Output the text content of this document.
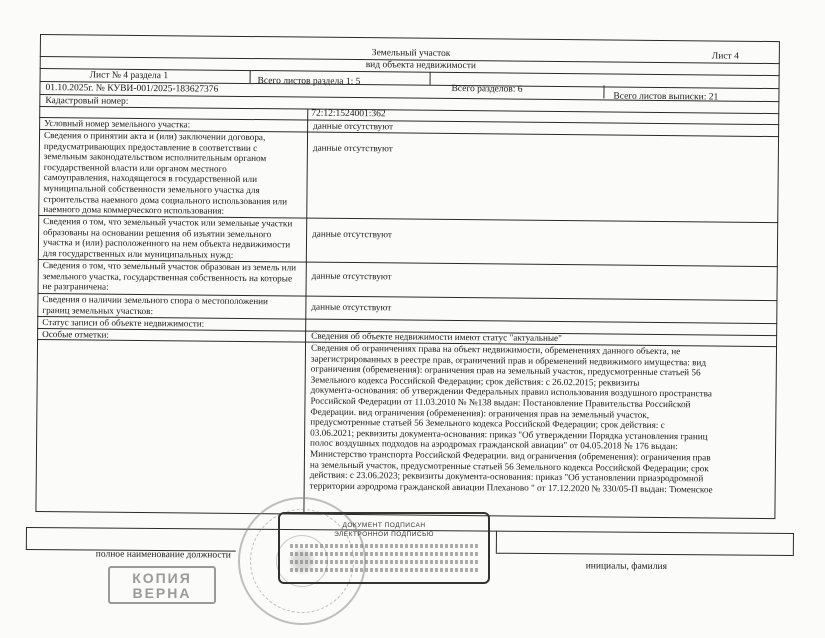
Земельный участок	Лист 4
вид объекта недвижимости
Лист № 4 раздела 1
Всего листов раздела 1: 5
Всего разделов: 6
Всего листов выписки: 21
01.10.2025г. № КУВИ-001/2025-183627376
Кадастровый номер:
72:12:1524001:362
Условный номер земельного участка:	данные отсутствуют
Сведения о принятии акта и (или) заключении договора,
предусматривающих предоставление в соответствии с
земельным законодательством исполнительным органом
государственной власти или органом местного
самоуправления, находящегося в государственной или
муниципальной собственности земельного участка для
строительства наемного дома социального использования или
наемного дома коммерческого использования:
данные отсутствуют
Сведения о том, что земельный участок или земельные участки
образованы на основании решения об изъятии земельного
участка и (или) расположенного на нем объекта недвижимости
для государственных или муниципальных нужд:
данные отсутствуют
Сведения о том, что земельный участок образован из земель или
земельного участка, государственная собственность на которые
не разграничена:
данные отсутствуют
Сведения о наличии земельного спора о местоположении
границ земельных участков:	данные отсутствуют
Статус записи об объекте недвижимости:
Сведения об объекте недвижимости имеют статус "актуальные"
Особые отметки:
Сведения об ограничениях права на объект недвижимости, обременениях данного объекта, не
зарегистрированных в реестре прав, ограничений прав и обременений недвижимого имущества: вид
ограничения (обременения): ограничения прав на земельный участок, предусмотренные статьей 56
Земельного кодекса Российской Федерации; срок действия: с 26.02.2015; реквизиты
документа-основания: об утверждении Федеральных правил использования воздушного пространства
Российской Федерации от 11.03.2010 № №138 выдан: Постановление Правительства Российской
Федерации. вид ограничения (обременения): ограничения прав на земельный участок,
предусмотренные статьей 56 Земельного кодекса Российской Федерации; срок действия: с
03.06.2021; реквизиты документа-основания: приказ "Об утверждении Порядка установления границ
полос воздушных подходов на аэродромах гражданской авиации" от 04.05.2018 № 176 выдан:
Министерство транспорта Российской Федерации. вид ограничения (обременения): ограничения прав
на земельный участок, предусмотренные статьей 56 Земельного кодекса Российской Федерации; срок
действия: с 23.06.2023; реквизиты документа-основания: приказ "Об установлении приаэродромной
территории аэродрома гражданской авиации Плеханово " от 17.12.2020 № 330/05-П выдан: Тюменское
полное наименование должности
инициалы, фамилия
ДОКУМЕНТ ПОДПИСАН
ЭЛЕКТРОННОЙ ПОДПИСЬЮ
КОПИЯ
ВЕРНА
